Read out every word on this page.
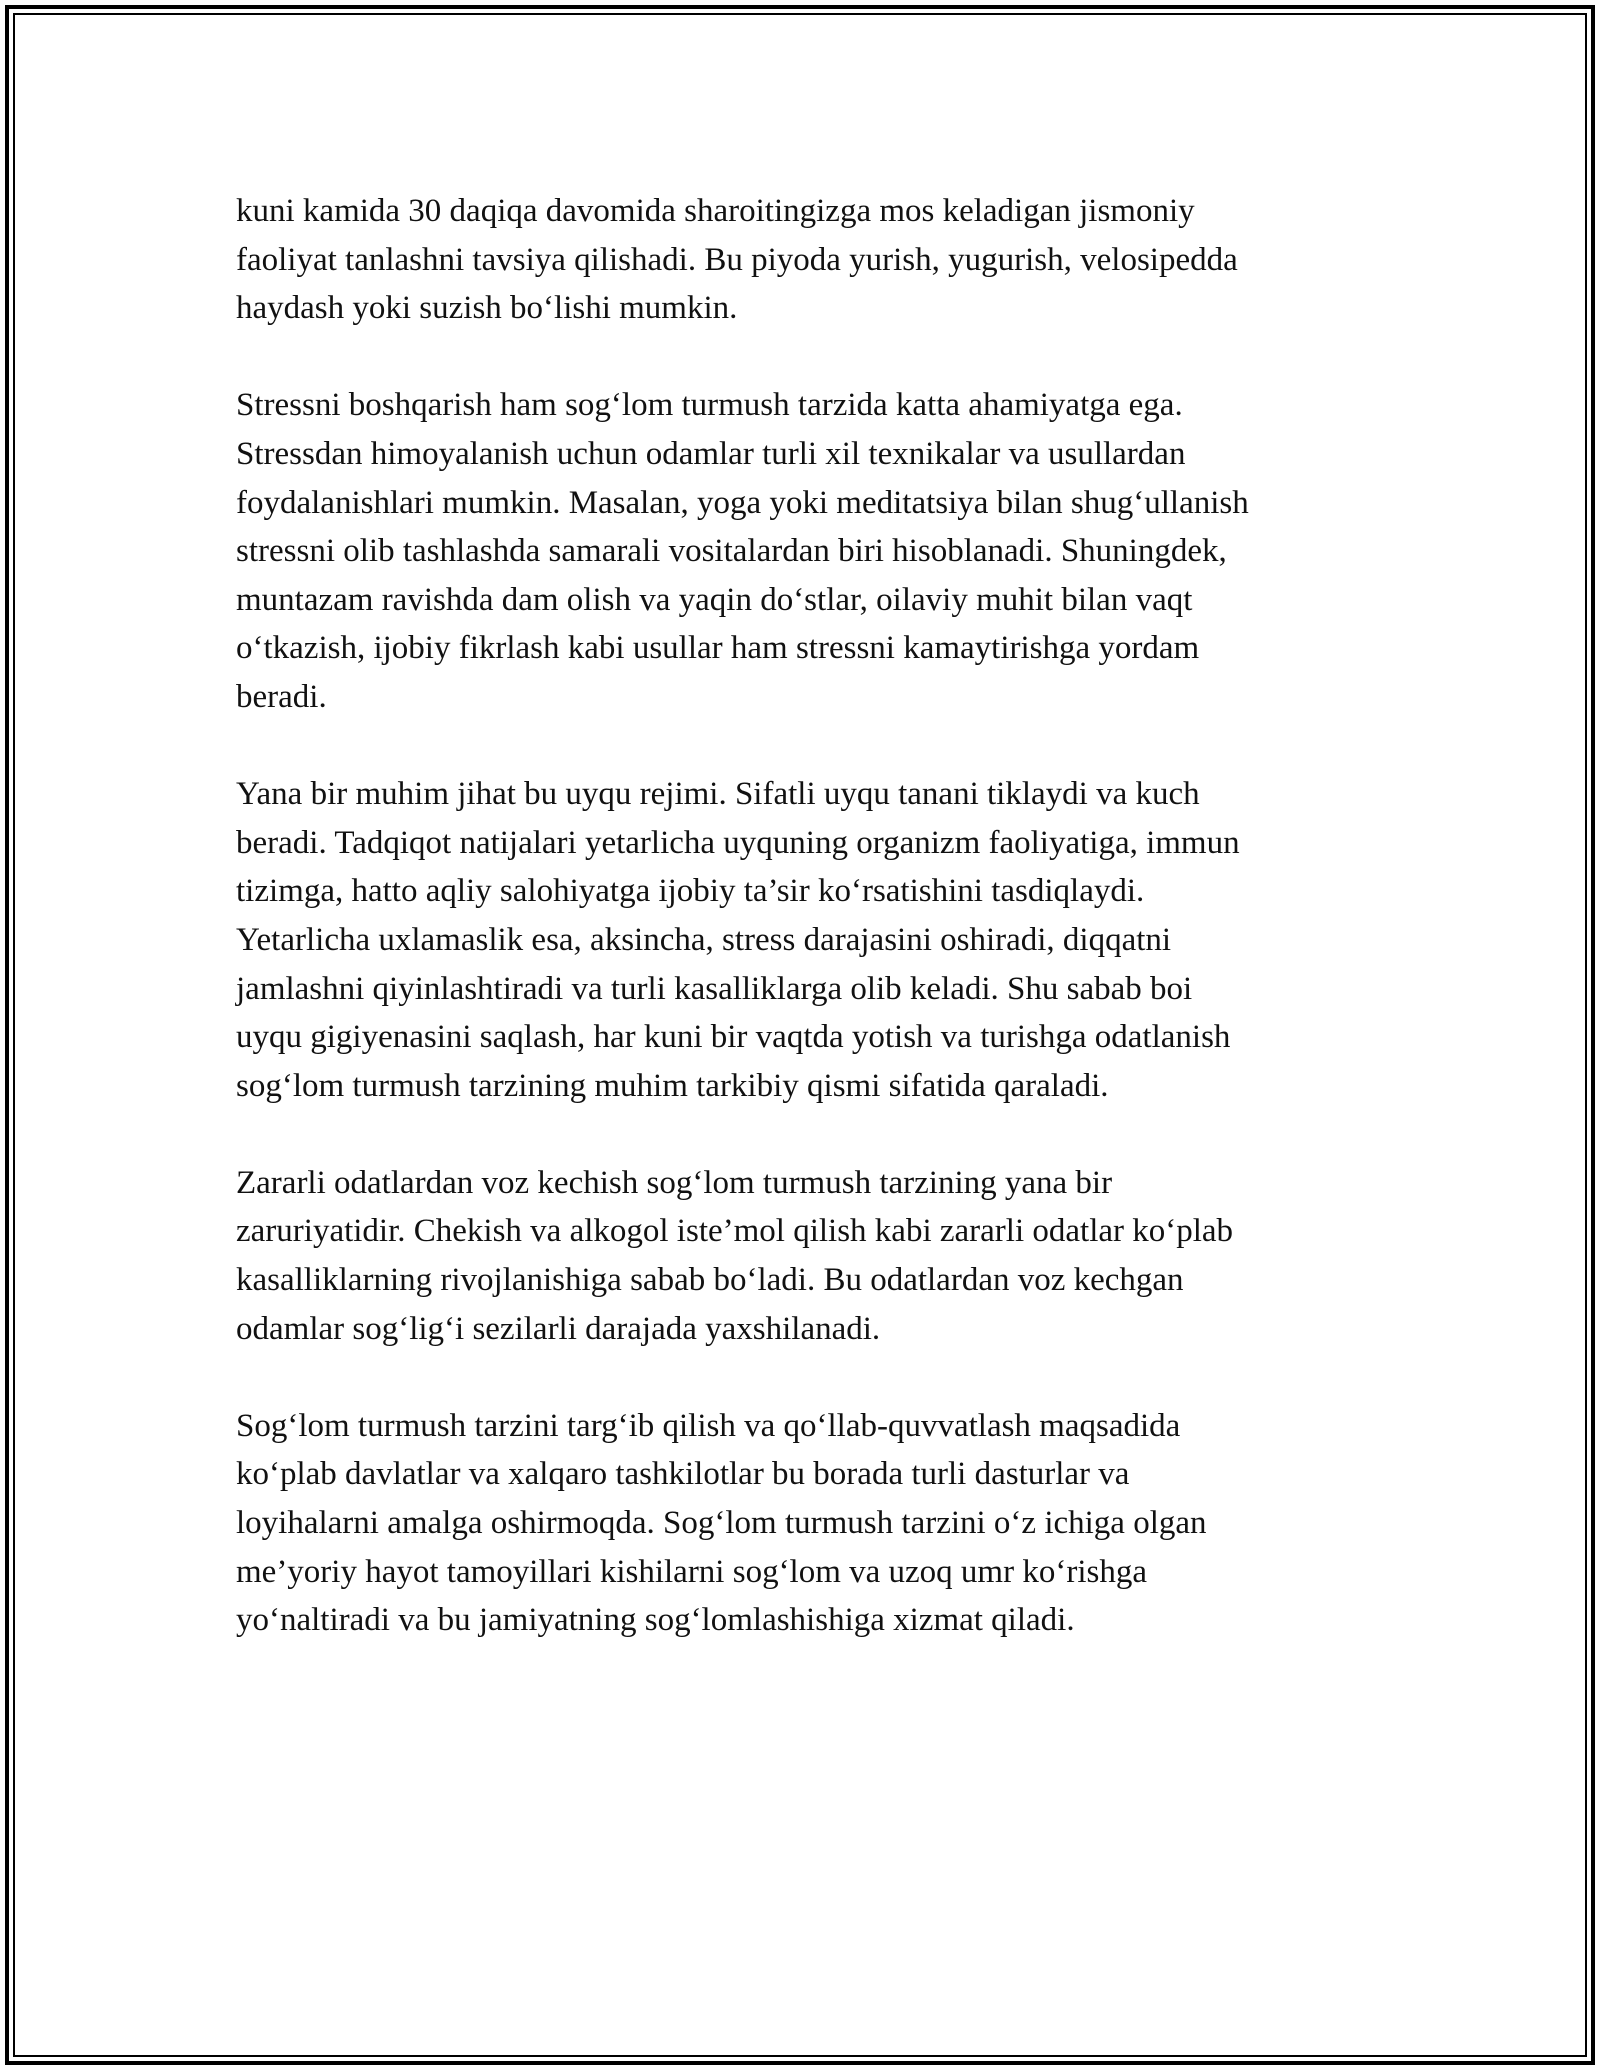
kuni kamida 30 daqiqa davomida sharoitingizga mos keladigan jismoniy
faoliyat tanlashni tavsiya qilishadi. Bu piyoda yurish, yugurish, velosipedda
haydash yoki suzish bo‘lishi mumkin.

Stressni boshqarish ham sog‘lom turmush tarzida katta ahamiyatga ega.
Stressdan himoyalanish uchun odamlar turli xil texnikalar va usullardan
foydalanishlari mumkin. Masalan, yoga yoki meditatsiya bilan shug‘ullanish
stressni olib tashlashda samarali vositalardan biri hisoblanadi. Shuningdek,
muntazam ravishda dam olish va yaqin do‘stlar, oilaviy muhit bilan vaqt
o‘tkazish, ijobiy fikrlash kabi usullar ham stressni kamaytirishga yordam
beradi.

Yana bir muhim jihat bu uyqu rejimi. Sifatli uyqu tanani tiklaydi va kuch
beradi. Tadqiqot natijalari yetarlicha uyquning organizm faoliyatiga, immun
tizimga, hatto aqliy salohiyatga ijobiy ta’sir ko‘rsatishini tasdiqlaydi.
Yetarlicha uxlamaslik esa, aksincha, stress darajasini oshiradi, diqqatni
jamlashni qiyinlashtiradi va turli kasalliklarga olib keladi. Shu sabab boi
uyqu gigiyenasini saqlash, har kuni bir vaqtda yotish va turishga odatlanish
sog‘lom turmush tarzining muhim tarkibiy qismi sifatida qaraladi.

Zararli odatlardan voz kechish sog‘lom turmush tarzining yana bir
zaruriyatidir. Chekish va alkogol iste’mol qilish kabi zararli odatlar ko‘plab
kasalliklarning rivojlanishiga sabab bo‘ladi. Bu odatlardan voz kechgan
odamlar sog‘lig‘i sezilarli darajada yaxshilanadi.

Sog‘lom turmush tarzini targ‘ib qilish va qo‘llab-quvvatlash maqsadida
ko‘plab davlatlar va xalqaro tashkilotlar bu borada turli dasturlar va
loyihalarni amalga oshirmoqda. Sog‘lom turmush tarzini o‘z ichiga olgan
me’yoriy hayot tamoyillari kishilarni sog‘lom va uzoq umr ko‘rishga
yo‘naltiradi va bu jamiyatning sog‘lomlashishiga xizmat qiladi.
